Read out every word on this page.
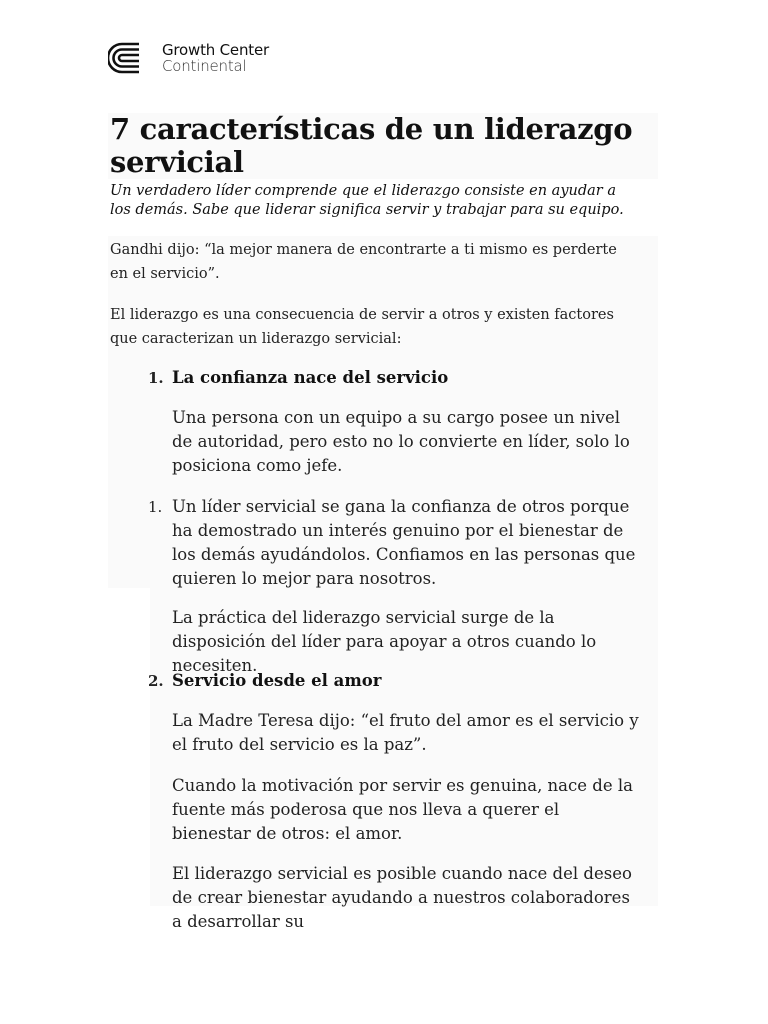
Growth Center
Continental
7 características de un liderazgo servicial

Un verdadero líder comprende que el liderazgo consiste en ayudar a los demás. Sabe que liderar significa servir y trabajar para su equipo.

Gandhi dijo: “la mejor manera de encontrarte a ti mismo es perderte en el servicio”.

El liderazgo es una consecuencia de servir a otros y existen factores que caracterizan un liderazgo servicial:

1. La confianza nace del servicio

Una persona con un equipo a su cargo posee un nivel de autoridad, pero esto no lo convierte en líder, solo lo posiciona como jefe.

1. Un líder servicial se gana la confianza de otros porque ha demostrado un interés genuino por el bienestar de los demás ayudándolos. Confiamos en las personas que quieren lo mejor para nosotros.

La práctica del liderazgo servicial surge de la disposición del líder para apoyar a otros cuando lo necesiten.

2. Servicio desde el amor

La Madre Teresa dijo: “el fruto del amor es el servicio y el fruto del servicio es la paz”.

Cuando la motivación por servir es genuina, nace de la fuente más poderosa que nos lleva a querer el bienestar de otros: el amor.

El liderazgo servicial es posible cuando nace del deseo de crear bienestar ayudando a nuestros colaboradores a desarrollar su
